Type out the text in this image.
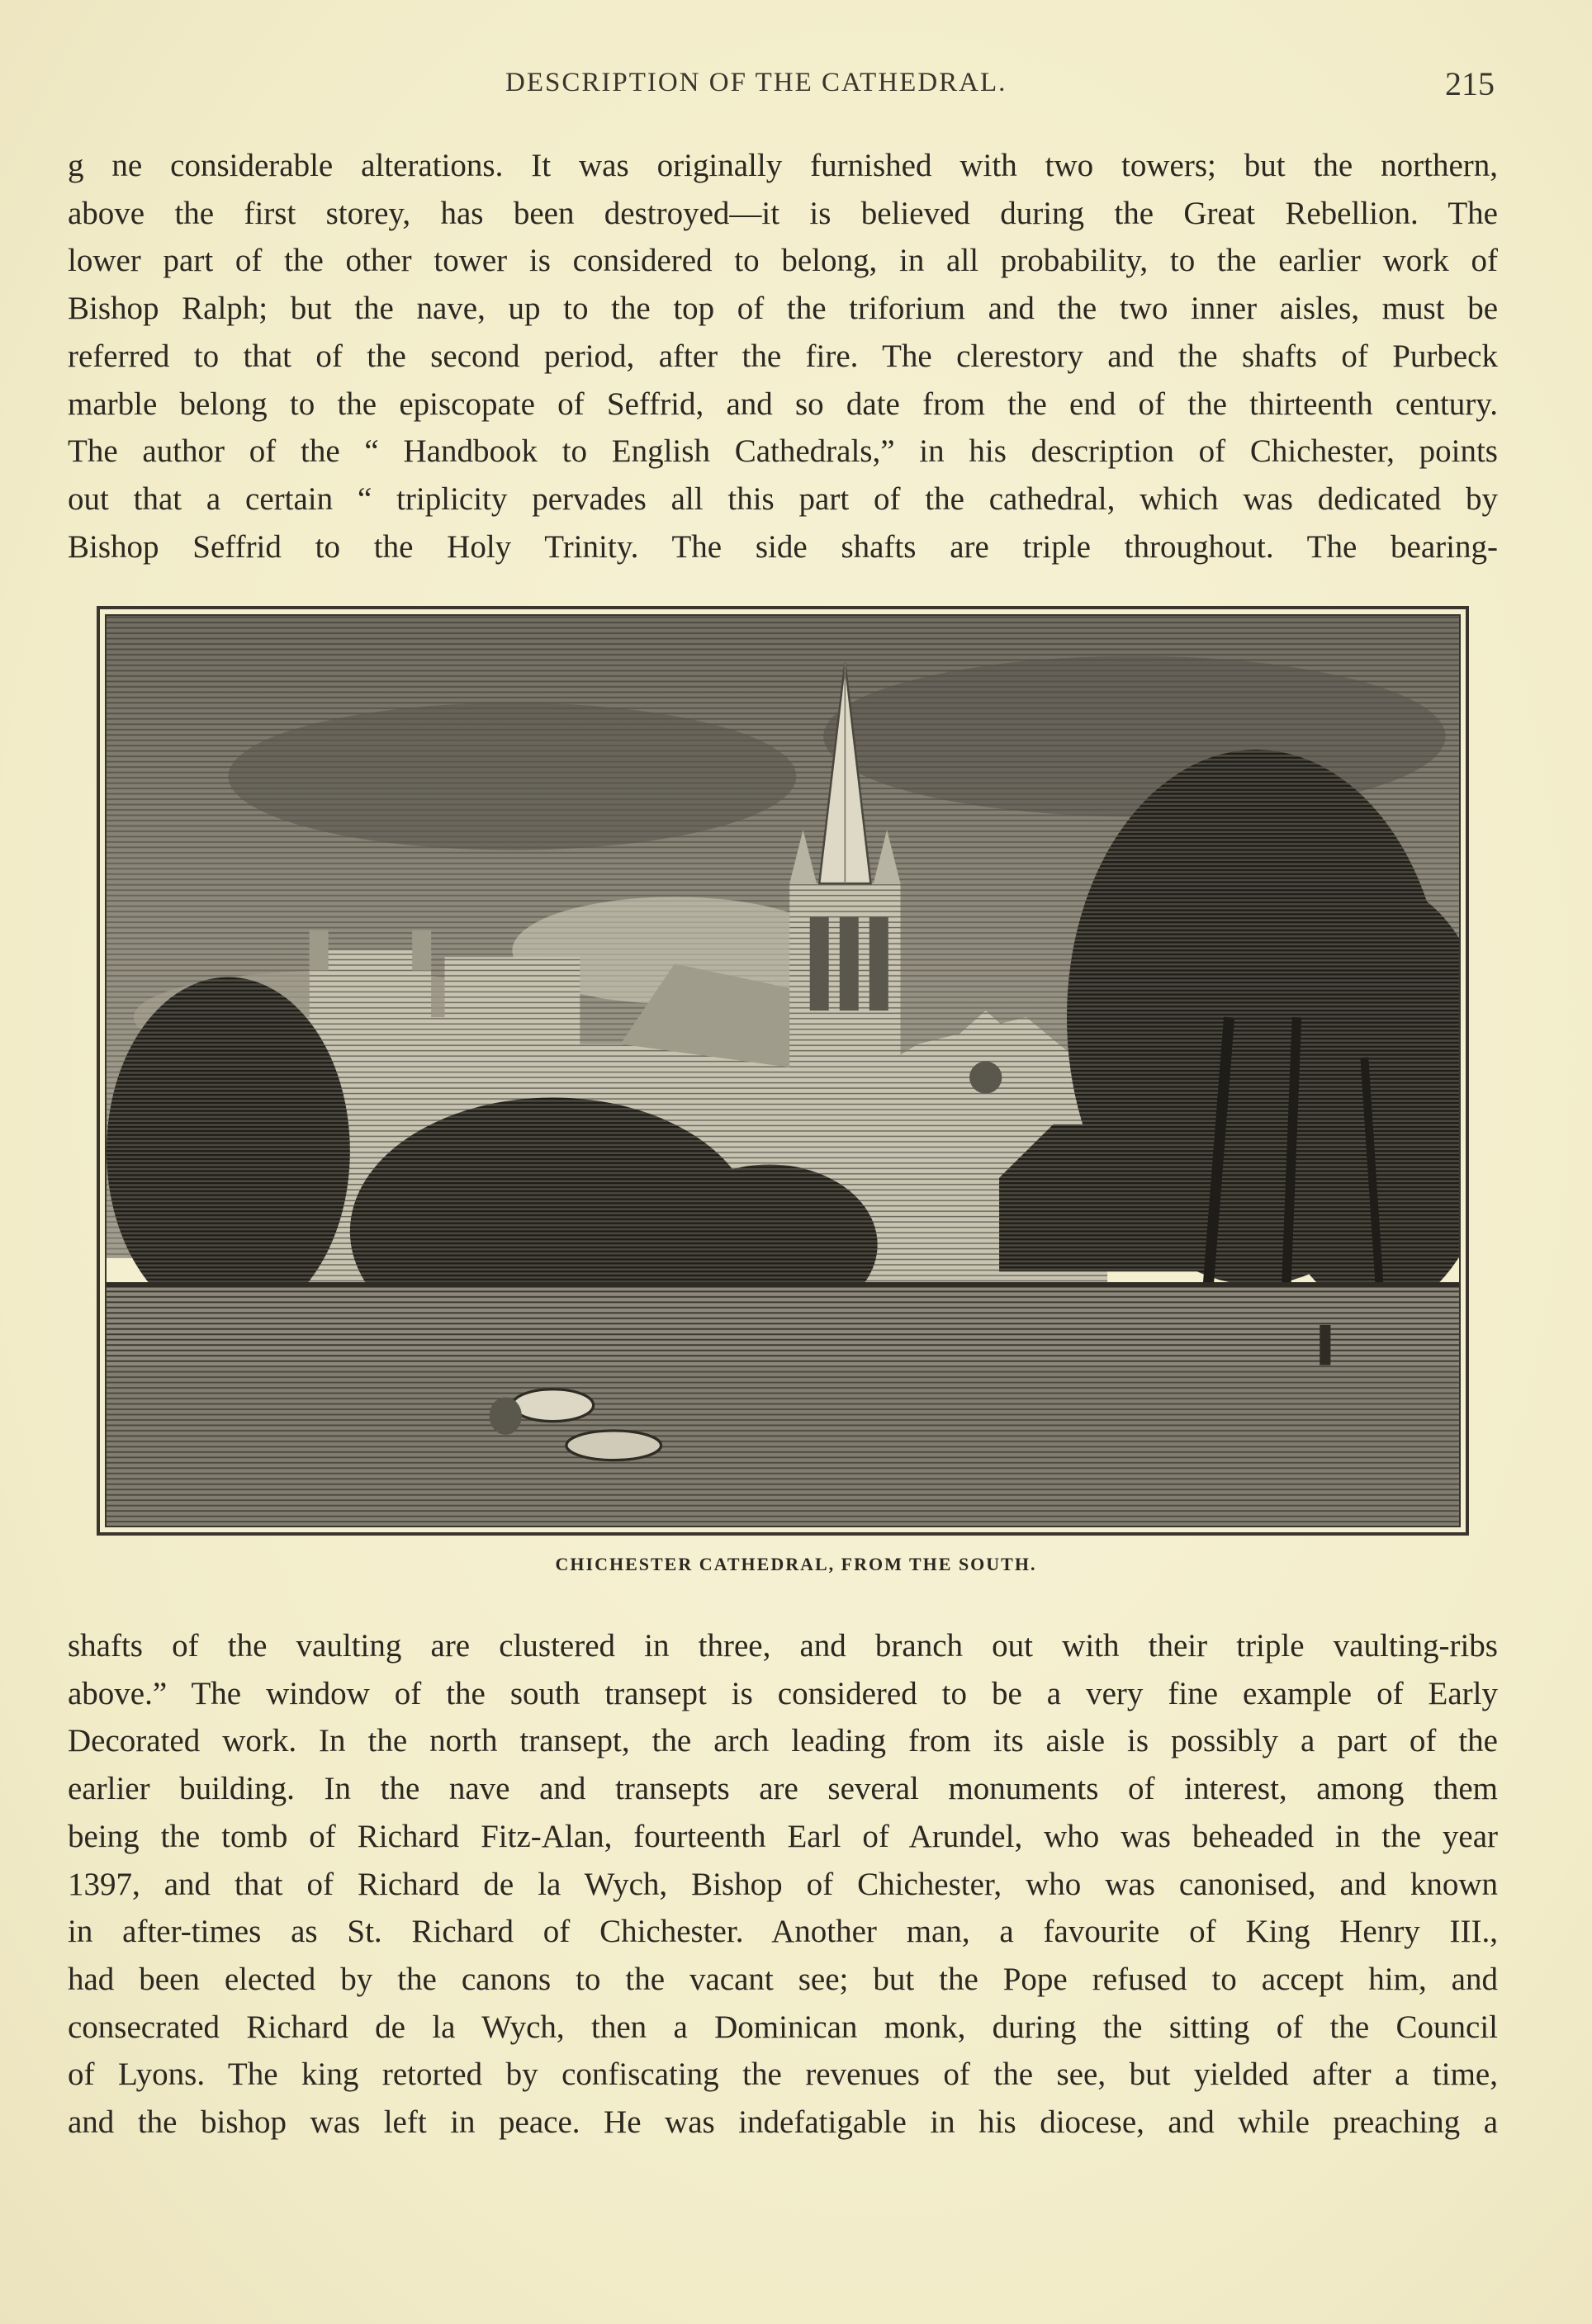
DESCRIPTION OF THE CATHEDRAL.	215
g ne considerable alterations. It was originally furnished with two towers; but the northern,
above the first storey, has been destroyed—it is believed during the Great Rebellion. The
lower part of the other tower is considered to belong, in all probability, to the earlier work of
Bishop Ralph; but the nave, up to the top of the triforium and the two inner aisles, must be
referred to that of the second period, after the fire. The clerestory and the shafts of Purbeck
marble belong to the episcopate of Seffrid, and so date from the end of the thirteenth century.
The author of the “ Handbook to English Cathedrals,” in his description of Chichester, points
out that a certain “ triplicity pervades all this part of the cathedral, which was dedicated by
Bishop Seffrid to the Holy Trinity. The side shafts are triple throughout. The bearing-
CHICHESTER CATHEDRAL, FROM THE SOUTH.
shafts of the vaulting are clustered in three, and branch out with their triple vaulting-ribs
above.” The window of the south transept is considered to be a very fine example of Early
Decorated work. In the north transept, the arch leading from its aisle is possibly a part of the
earlier building. In the nave and transepts are several monuments of interest, among them
being the tomb of Richard Fitz-Alan, fourteenth Earl of Arundel, who was beheaded in the year
1397, and that of Richard de la Wych, Bishop of Chichester, who was canonised, and known
in after-times as St. Richard of Chichester. Another man, a favourite of King Henry III.,
had been elected by the canons to the vacant see; but the Pope refused to accept him, and
consecrated Richard de la Wych, then a Dominican monk, during the sitting of the Council
of Lyons. The king retorted by confiscating the revenues of the see, but yielded after a time,
and the bishop was left in peace. He was indefatigable in his diocese, and while preaching a
